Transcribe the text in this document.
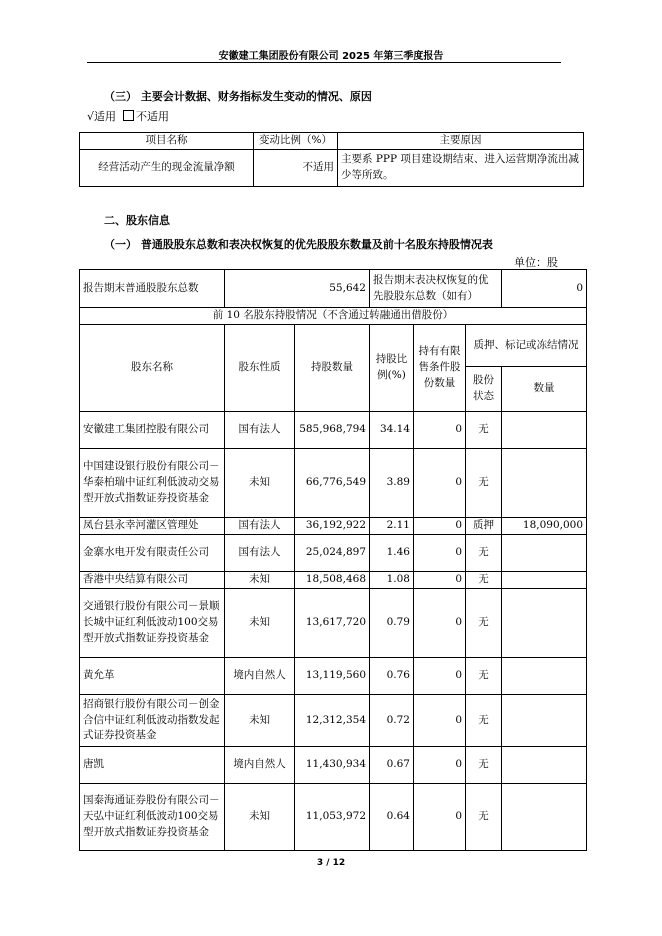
安徽建工集团股份有限公司 2025 年第三季度报告
（三） 主要会计数据、财务指标发生变动的情况、原因
√适用 不适用
项目名称	变动比例（%）	主要原因
经营活动产生的现金流量净额	不适用	主要系 PPP 项目建设期结束、进入运营期净流出减少等所致。
二、股东信息
（一） 普通股股东总数和表决权恢复的优先股股东数量及前十名股东持股情况表
单位：股
报告期末普通股股东总数	55,642		报告期末表决权恢复的优先股股东总数（如有）			0
前 10 名股东持股情况（不含通过转融通出借股份）						
股东名称	股东性质	持股数量	持股比例(%)	持有有限售条件股份数量	质押、标记或冻结情况	
					股份状态	数量
安徽建工集团控股有限公司	国有法人	585,968,794	34.14	0	无	
中国建设银行股份有限公司－华泰柏瑞中证红利低波动交易型开放式指数证券投资基金	未知	66,776,549	3.89	0	无	
凤台县永幸河灌区管理处	国有法人	36,192,922	2.11	0	质押	18,090,000
金寨水电开发有限责任公司	国有法人	25,024,897	1.46	0	无	
香港中央结算有限公司	未知	18,508,468	1.08	0	无	
交通银行股份有限公司－景顺长城中证红利低波动100交易型开放式指数证券投资基金	未知	13,617,720	0.79	0	无	
黄允革	境内自然人	13,119,560	0.76	0	无	
招商银行股份有限公司－创金合信中证红利低波动指数发起式证券投资基金	未知	12,312,354	0.72	0	无	
唐凯	境内自然人	11,430,934	0.67	0	无	
国泰海通证券股份有限公司－天弘中证红利低波动100交易型开放式指数证券投资基金	未知	11,053,972	0.64	0	无	
3 / 12
